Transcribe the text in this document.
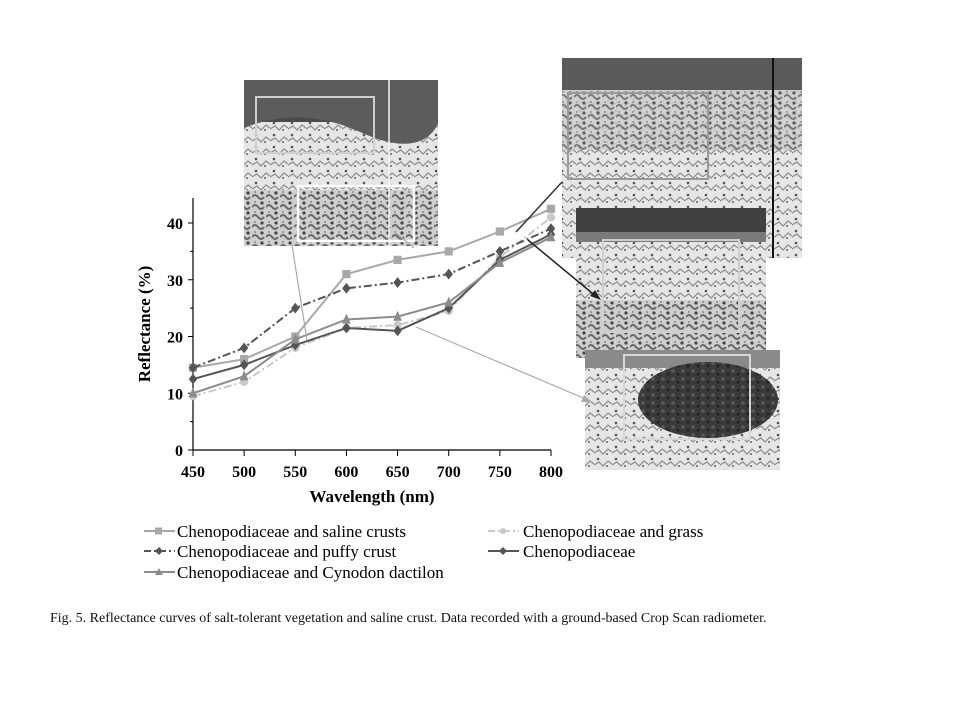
450 500 550 600 650 700 750 800
0
10
20
30
40
Wavelength (nm)
Reflectance (%)
Chenopodiaceae and saline crusts
Chenopodiaceae and puffy crust
Chenopodiaceae and Cynodon dactilon
Chenopodiaceae and grass
Chenopodiaceae
Fig. 5. Reflectance curves of salt-tolerant vegetation and saline crust. Data recorded with a ground-based Crop Scan radiometer.
